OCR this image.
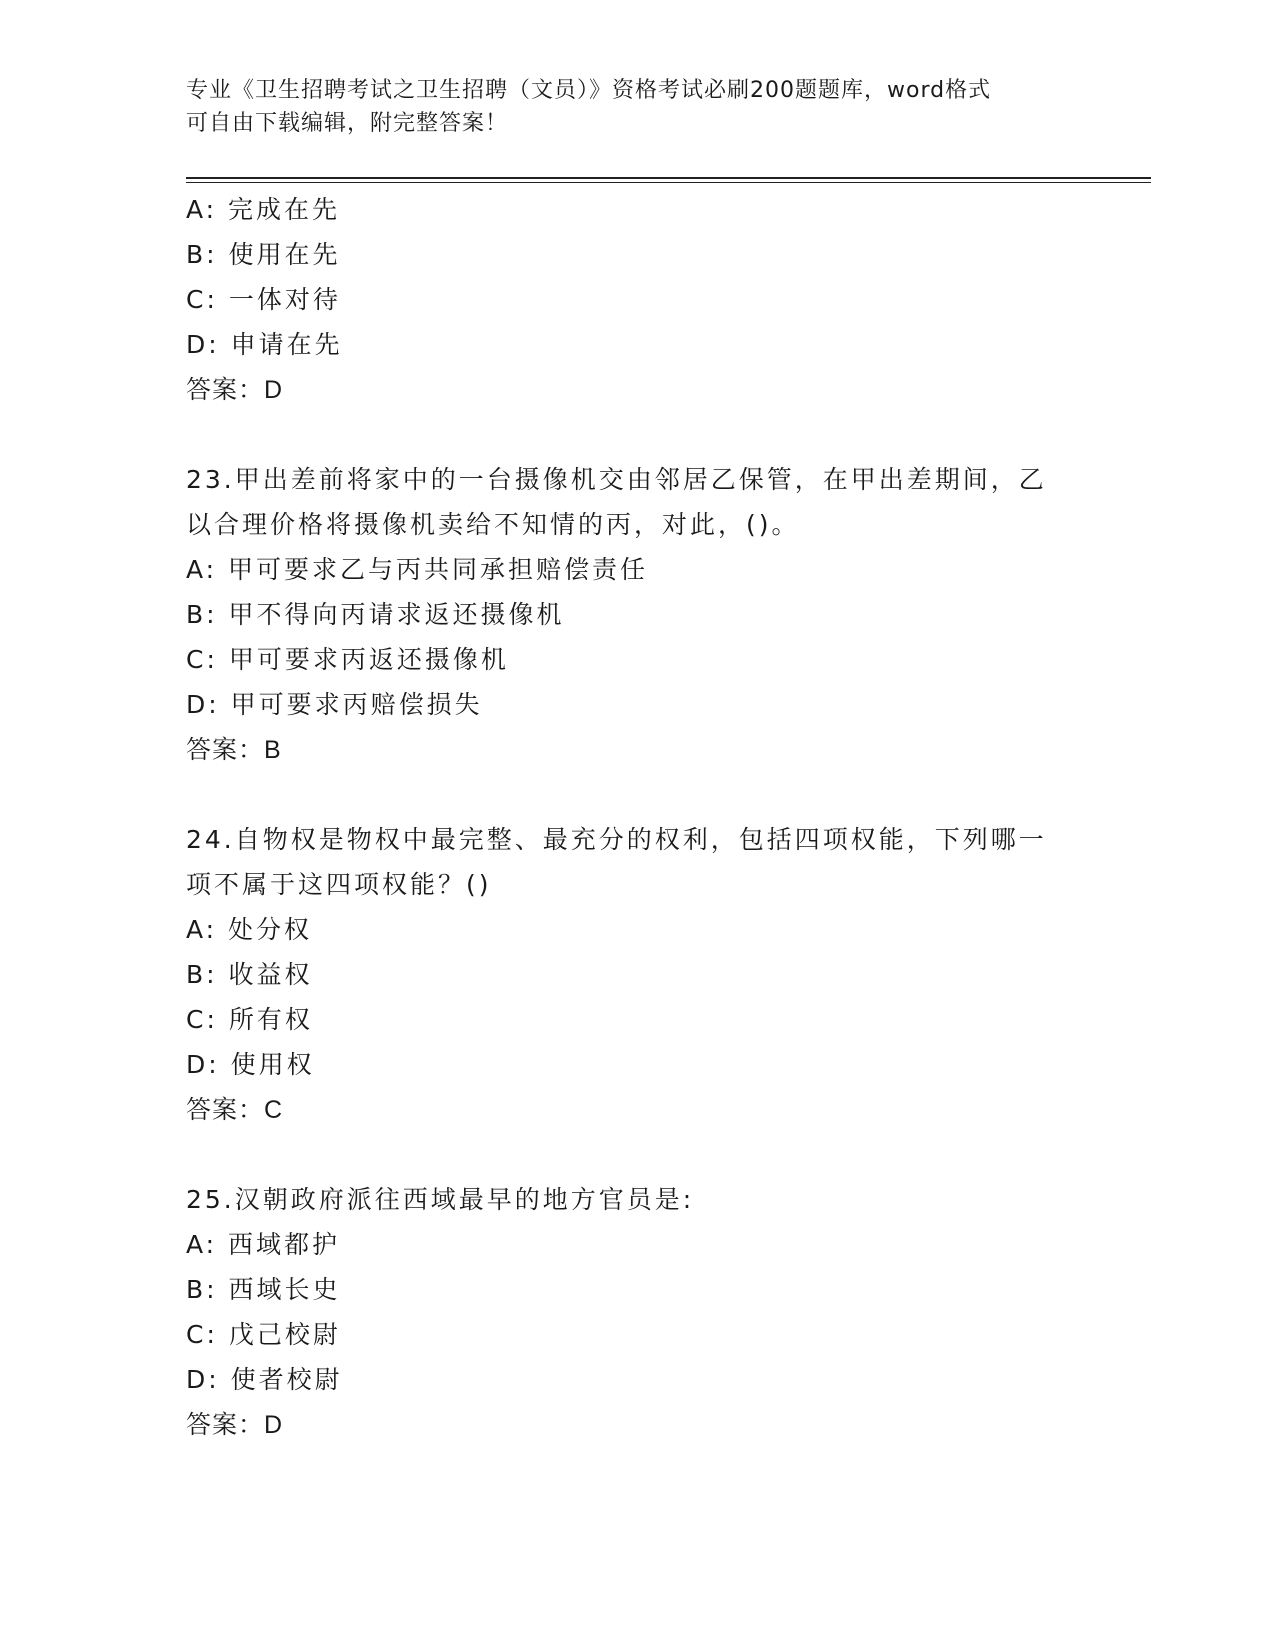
专业《卫生招聘考试之卫生招聘（文员）》资格考试必刷200题题库，word格式
可自由下载编辑，附完整答案！
A: 完成在先
B: 使用在先
C: 一体对待
D: 申请在先
答案：D
23.甲出差前将家中的一台摄像机交由邻居乙保管，在甲出差期间，乙
以合理价格将摄像机卖给不知情的丙，对此，()。
A: 甲可要求乙与丙共同承担赔偿责任
B: 甲不得向丙请求返还摄像机
C: 甲可要求丙返还摄像机
D: 甲可要求丙赔偿损失
答案：B
24.自物权是物权中最完整、最充分的权利，包括四项权能，下列哪一
项不属于这四项权能？()
A: 处分权
B: 收益权
C: 所有权
D: 使用权
答案：C
25.汉朝政府派往西域最早的地方官员是:
A: 西域都护
B: 西域长史
C: 戊己校尉
D: 使者校尉
答案：D
